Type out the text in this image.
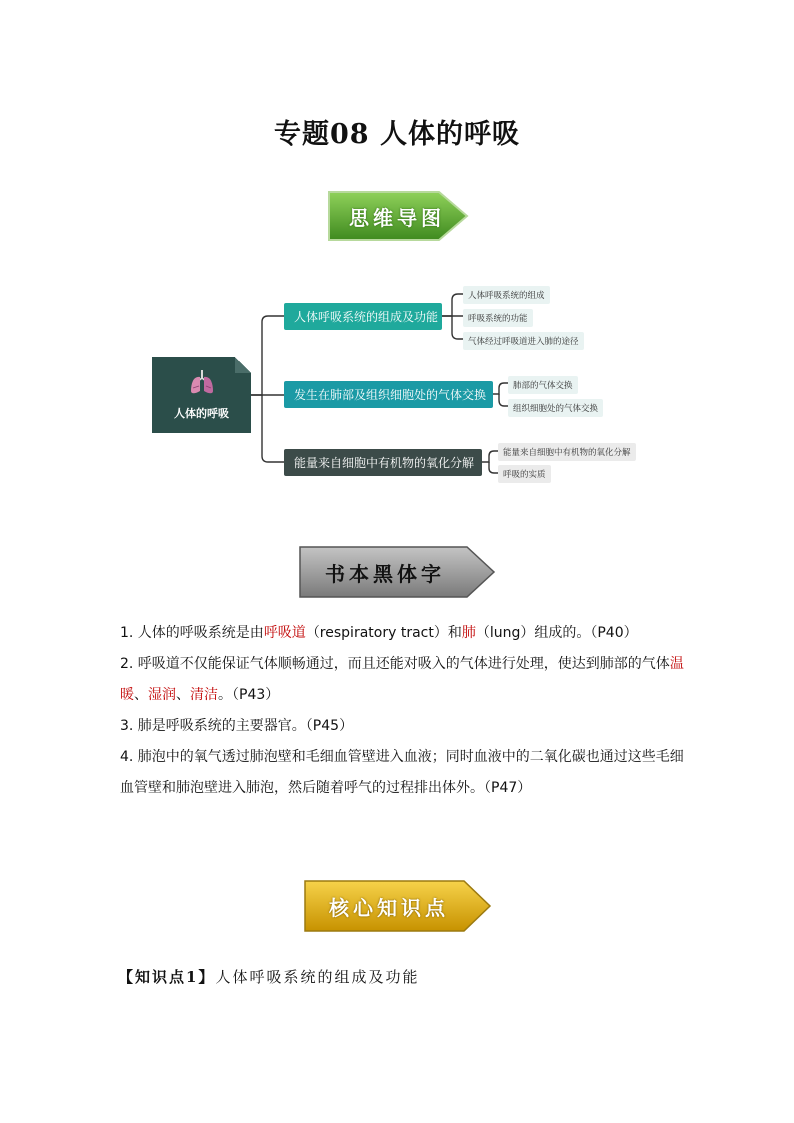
专题08 人体的呼吸
思维导图
人体的呼吸
人体呼吸系统的组成及功能
发生在肺部及组织细胞处的气体交换
能量来自细胞中有机物的氧化分解
人体呼吸系统的组成
呼吸系统的功能
气体经过呼吸道进入肺的途径
肺部的气体交换
组织细胞处的气体交换
能量来自细胞中有机物的氧化分解
呼吸的实质
书本黑体字

1. 人体的呼吸系统是由呼吸道（respiratory tract）和肺（lung）组成的。（P40）

2. 呼吸道不仅能保证气体顺畅通过，而且还能对吸入的气体进行处理，使达到肺部的气体温暖、湿润、清洁。（P43）

3. 肺是呼吸系统的主要器官。（P45）

4. 肺泡中的氧气透过肺泡壁和毛细血管壁进入血液；同时血液中的二氧化碳也通过这些毛细血管壁和肺泡壁进入肺泡，然后随着呼气的过程排出体外。（P47）

核心知识点
【知识点1】人体呼吸系统的组成及功能
